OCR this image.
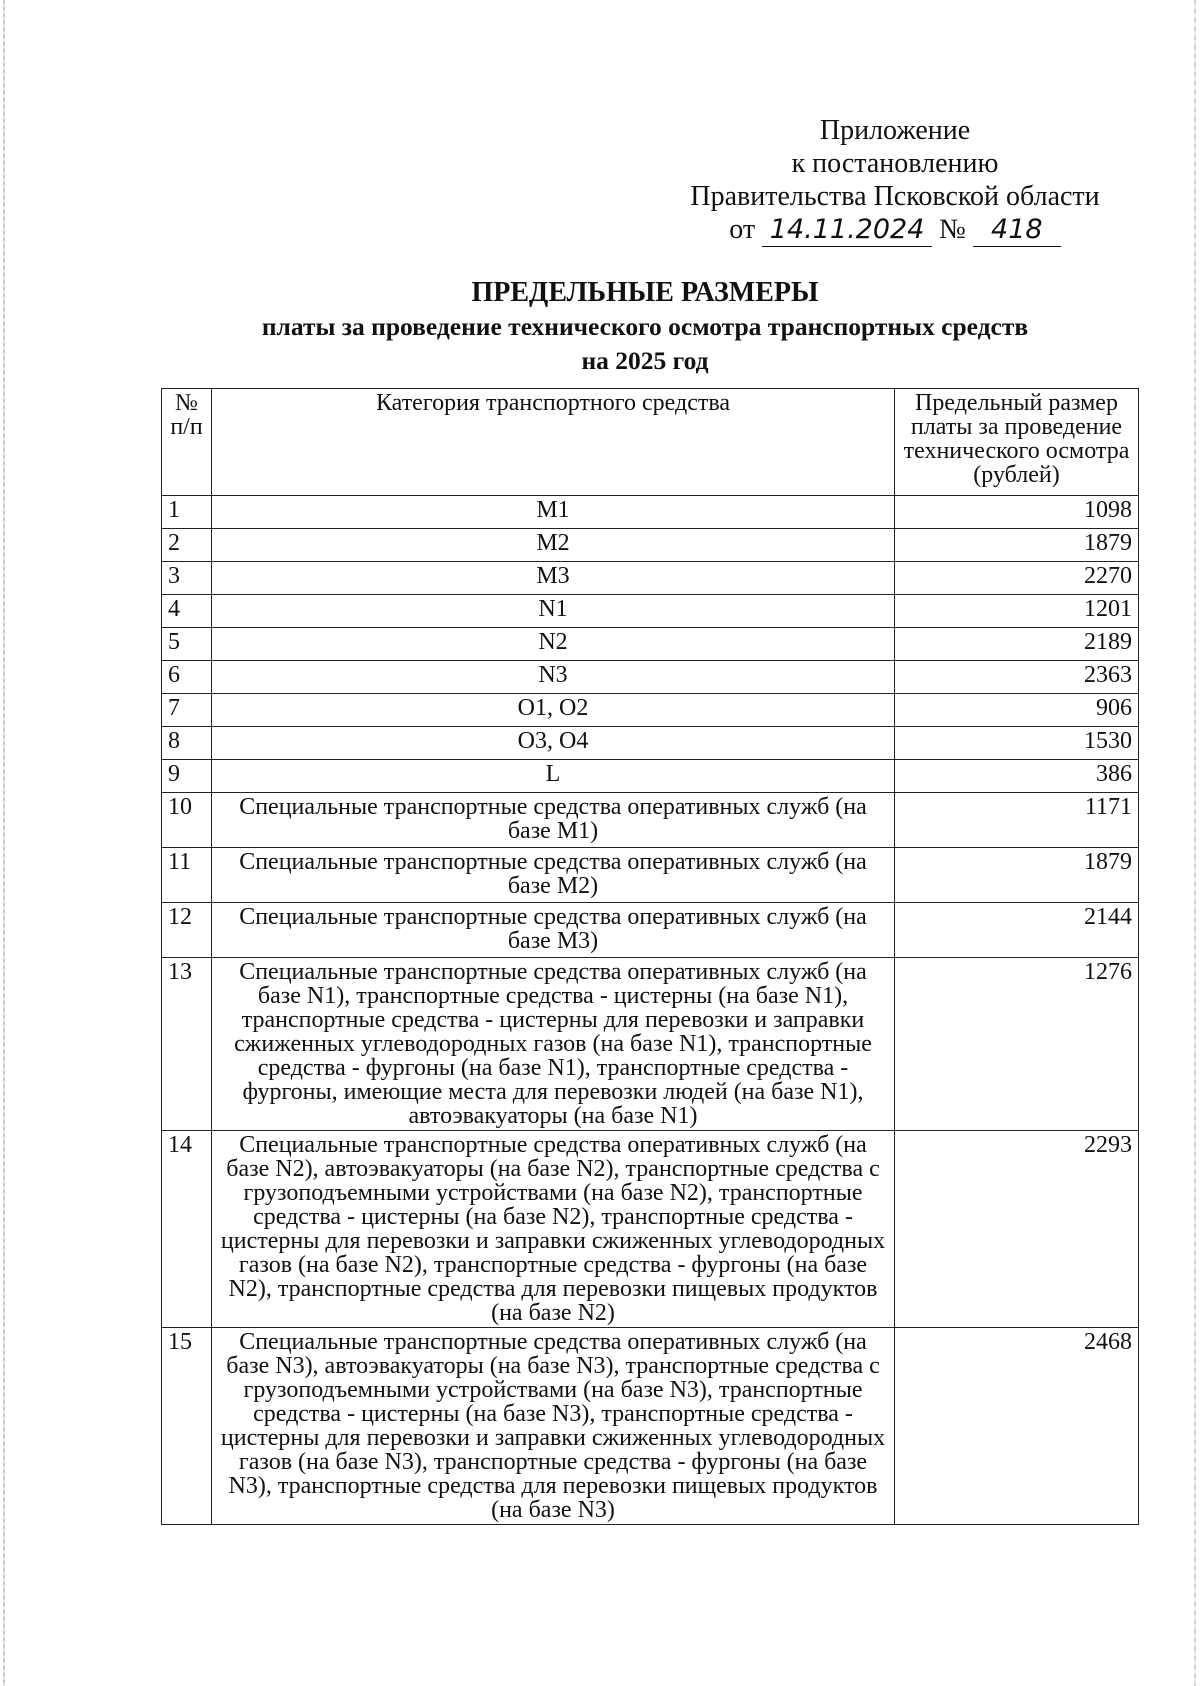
Приложение
к постановлению
Правительства Псковской области
от 14.11.2024 № 418
ПРЕДЕЛЬНЫЕ РАЗМЕРЫ
платы за проведение технического осмотра транспортных средств
на 2025 год
№ п/п	Категория транспортного средства	Предельный размер платы за проведение технического осмотра (рублей)
1	M1	1098
2	M2	1879
3	M3	2270
4	N1	1201
5	N2	2189
6	N3	2363
7	O1, O2	906
8	O3, O4	1530
9	L	386
10	Специальные транспортные средства оперативных служб (на базе M1)	1171
11	Специальные транспортные средства оперативных служб (на базе M2)	1879
12	Специальные транспортные средства оперативных служб (на базе M3)	2144
13	Специальные транспортные средства оперативных служб (на базе N1), транспортные средства - цистерны (на базе N1), транспортные средства - цистерны для перевозки и заправки сжиженных углеводородных газов (на базе N1), транспортные средства - фургоны (на базе N1), транспортные средства - фургоны, имеющие места для перевозки людей (на базе N1), автоэвакуаторы (на базе N1)	1276
14	Специальные транспортные средства оперативных служб (на базе N2), автоэвакуаторы (на базе N2), транспортные средства с грузоподъемными устройствами (на базе N2), транспортные средства - цистерны (на базе N2), транспортные средства - цистерны для перевозки и заправки сжиженных углеводородных газов (на базе N2), транспортные средства - фургоны (на базе N2), транспортные средства для перевозки пищевых продуктов (на базе N2)	2293
15	Специальные транспортные средства оперативных служб (на базе N3), автоэвакуаторы (на базе N3), транспортные средства с грузоподъемными устройствами (на базе N3), транспортные средства - цистерны (на базе N3), транспортные средства - цистерны для перевозки и заправки сжиженных углеводородных газов (на базе N3), транспортные средства - фургоны (на базе N3), транспортные средства для перевозки пищевых продуктов (на базе N3)	2468
